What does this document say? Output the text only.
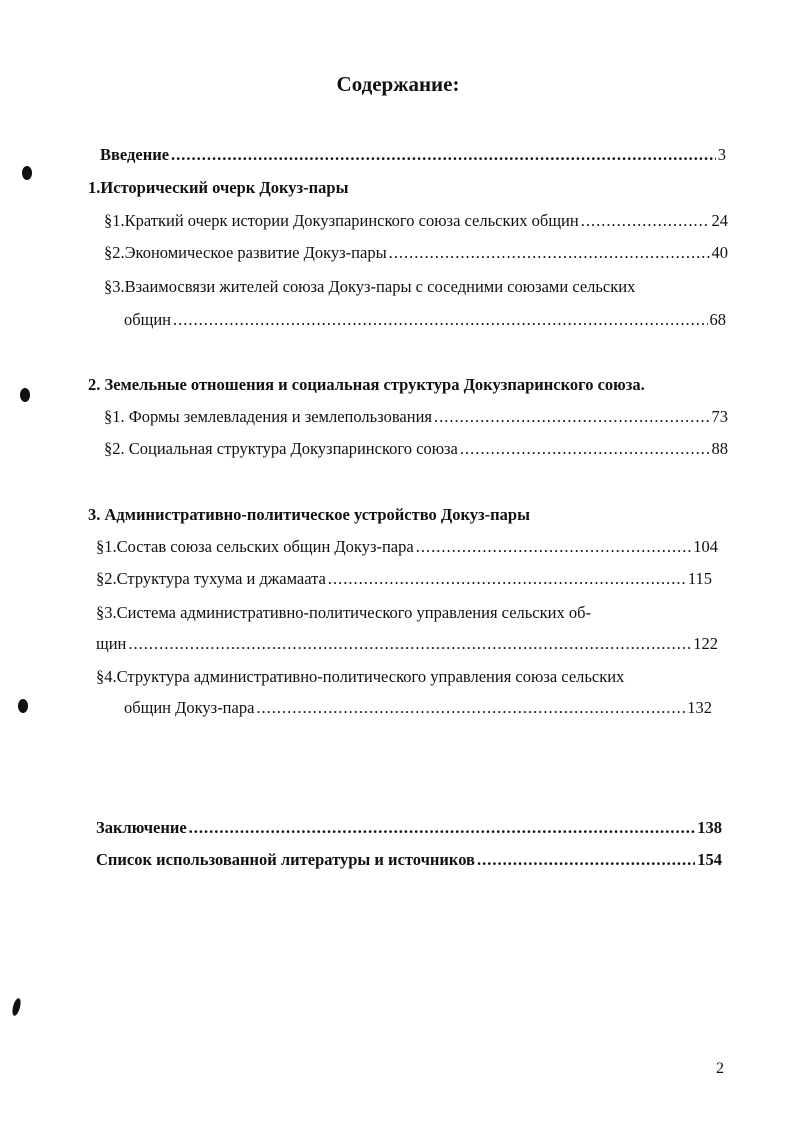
Содержание:
Введение .....	3
1.Исторический очерк Докуз-пары
§1.Краткий очерк истории Докузпаринского союза сельских общин .....	24
§2.Экономическое развитие Докуз-пары .....	40
§3.Взаимосвязи жителей союза Докуз-пары с соседними союзами сельских
общин .....	68
2. Земельные отношения и социальная структура Докузпаринского союза.
§1. Формы землевладения и землепользования .....	73
§2. Социальная структура Докузпаринского союза .....	88
3. Административно-политическое устройство Докуз-пары
§1.Состав союза сельских общин Докуз-пара .....	104
§2.Структура тухума и джамаата .....	115
§3.Система административно-политического управления сельских об-
щин .....	122
§4.Структура административно-политического управления союза сельских
общин Докуз-пара .....	132
Заключение .....	138
Список использованной литературы и источников .....	154
2
